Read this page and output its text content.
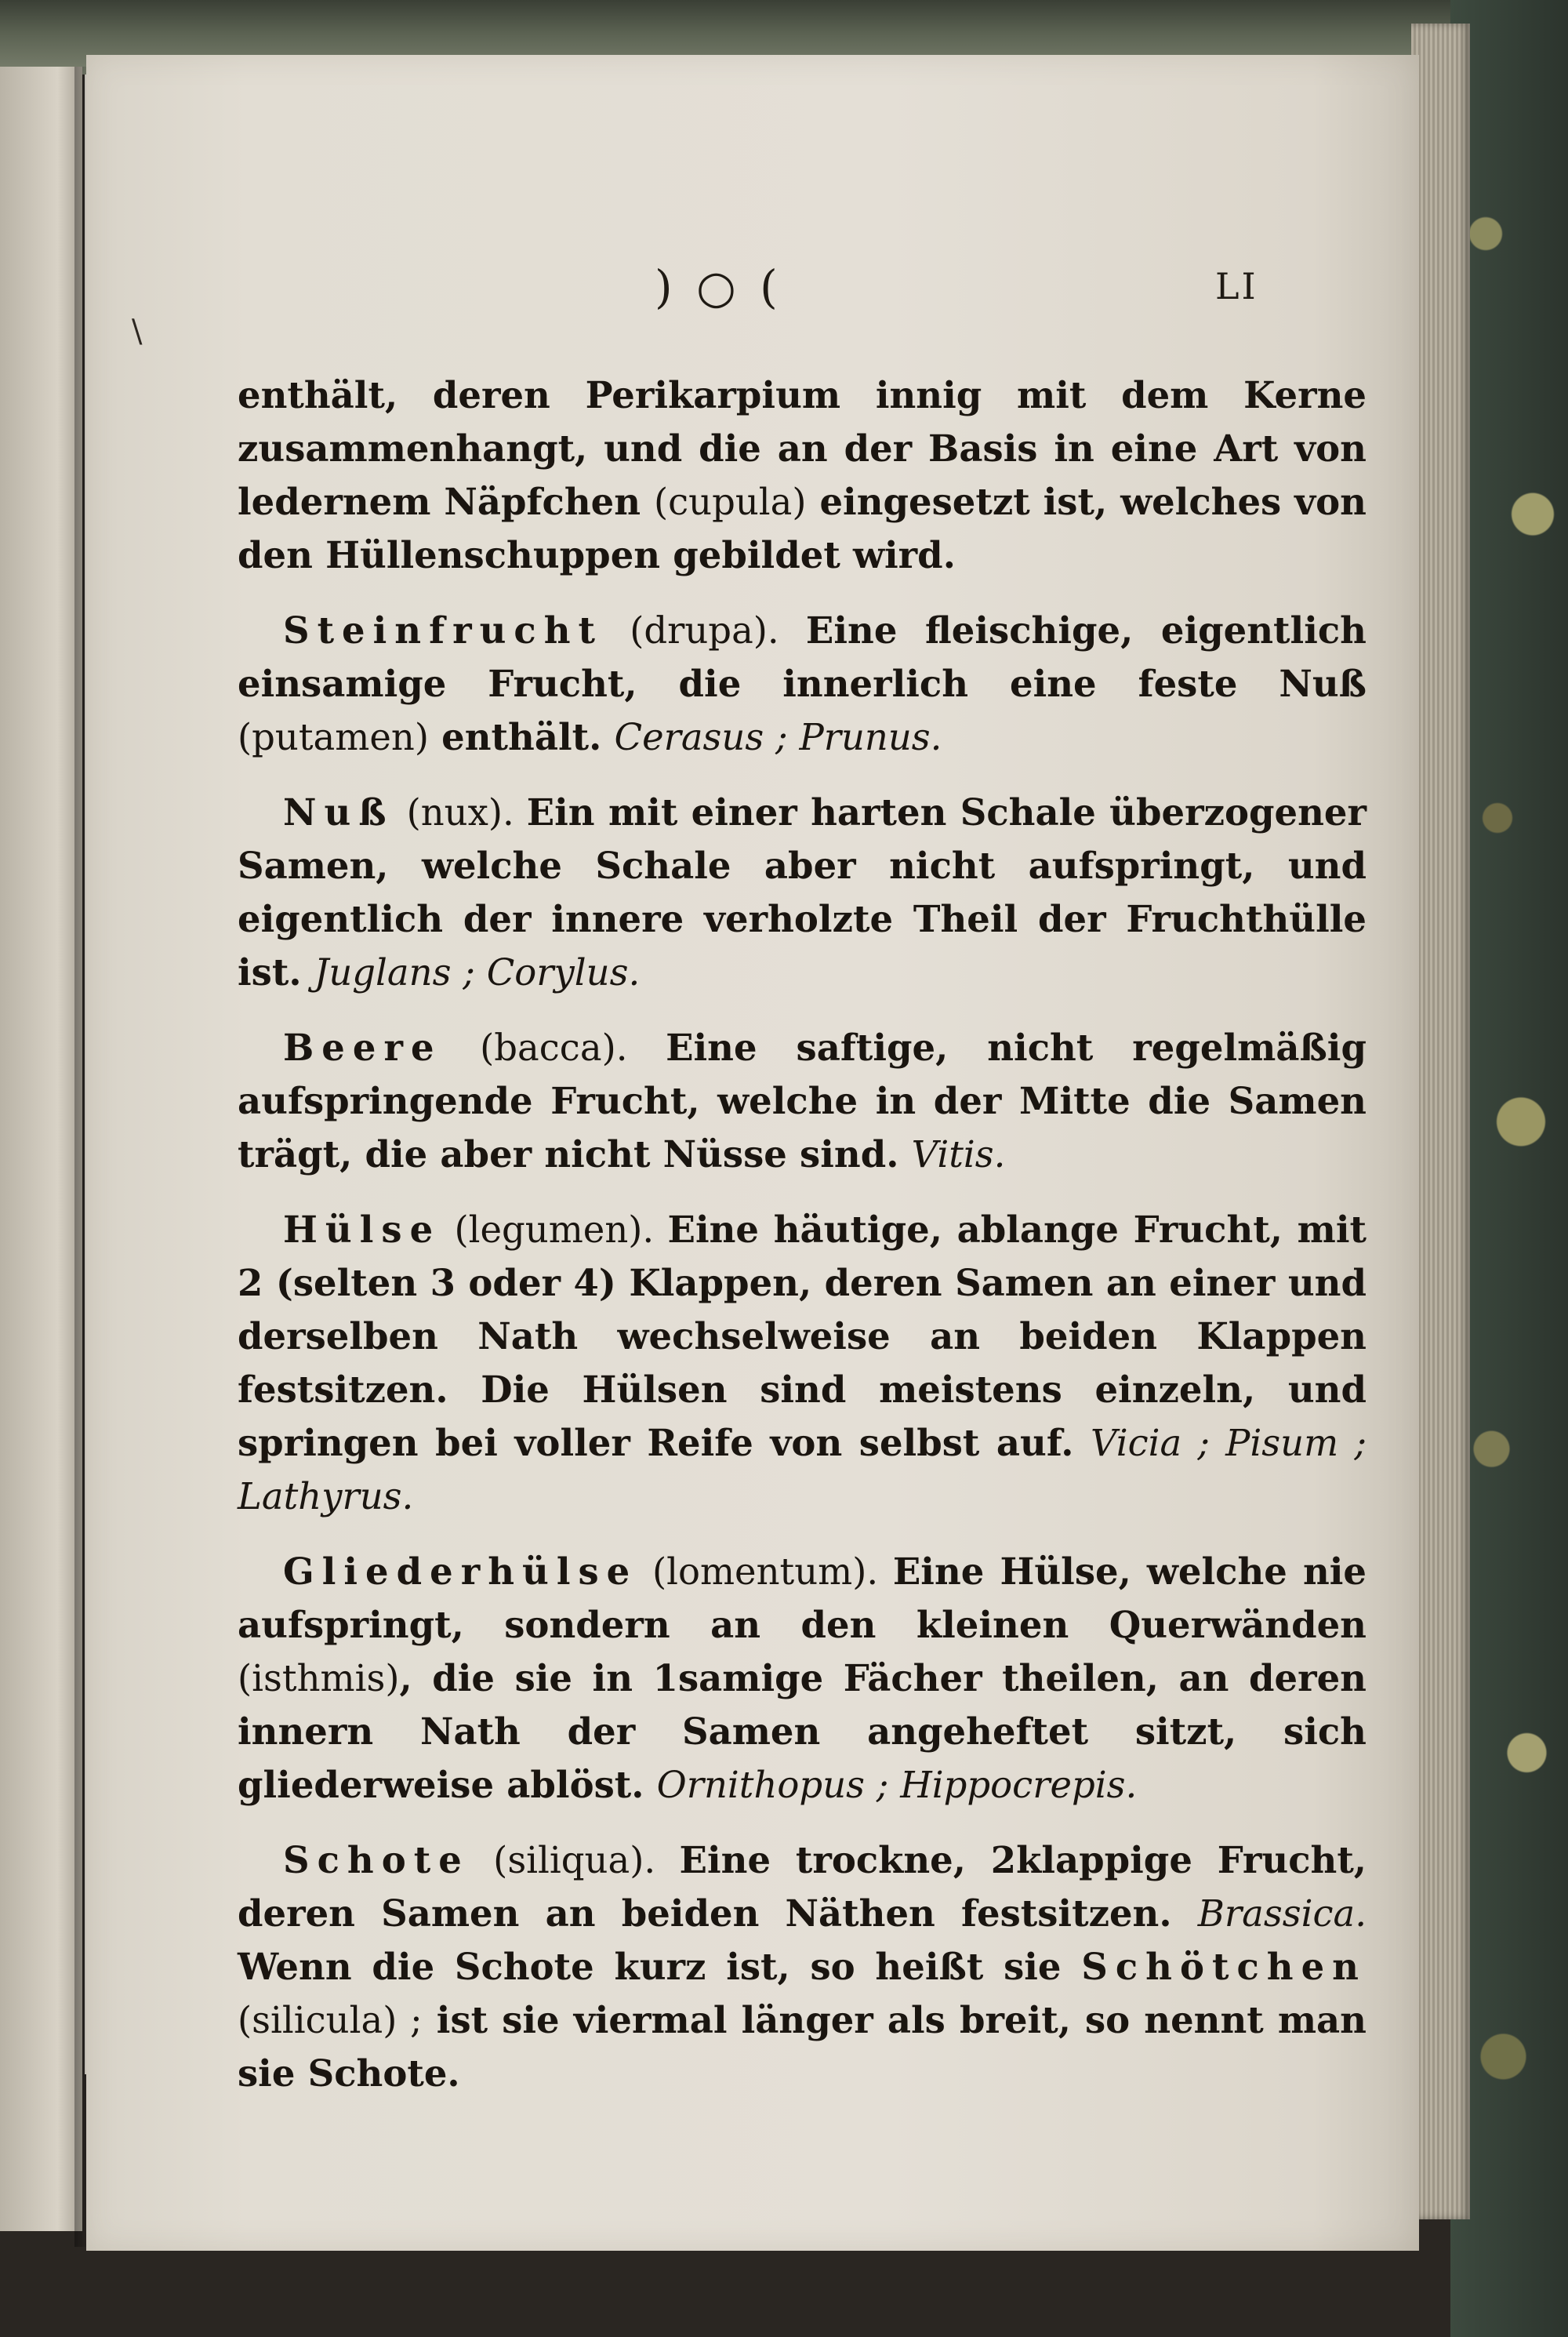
) ○ (	LI
\

enthält, deren Perikarpium innig mit dem Kerne zusammenhangt, und die an der Basis in eine Art von ledernem Näpfchen (cupula) eingesetzt ist, welches von den Hüllenschuppen gebildet wird.

Steinfrucht (drupa). Eine fleischige, eigentlich einsamige Frucht, die innerlich eine feste Nuß (putamen) enthält. Cerasus ; Prunus.

Nuß (nux). Ein mit einer harten Schale überzogener Samen, welche Schale aber nicht aufspringt, und eigentlich der innere verholzte Theil der Fruchthülle ist. Juglans ; Corylus.

Beere (bacca). Eine saftige, nicht regelmäßig aufspringende Frucht, welche in der Mitte die Samen trägt, die aber nicht Nüsse sind. Vitis.

Hülse (legumen). Eine häutige, ablange Frucht, mit 2 (selten 3 oder 4) Klappen, deren Samen an einer und derselben Nath wechselweise an beiden Klappen festsitzen. Die Hülsen sind meistens einzeln, und springen bei voller Reife von selbst auf. Vicia ; Pisum ; Lathyrus.

Gliederhülse (lomentum). Eine Hülse, welche nie aufspringt, sondern an den kleinen Querwänden (isthmis), die sie in 1samige Fächer theilen, an deren innern Nath der Samen angeheftet sitzt, sich gliederweise ablöst. Ornithopus ; Hippocrepis.

Schote (siliqua). Eine trockne, 2klappige Frucht, deren Samen an beiden Näthen festsitzen. Brassica. Wenn die Schote kurz ist, so heißt sie Schötchen (silicula) ; ist sie viermal länger als breit, so nennt man sie Schote.
